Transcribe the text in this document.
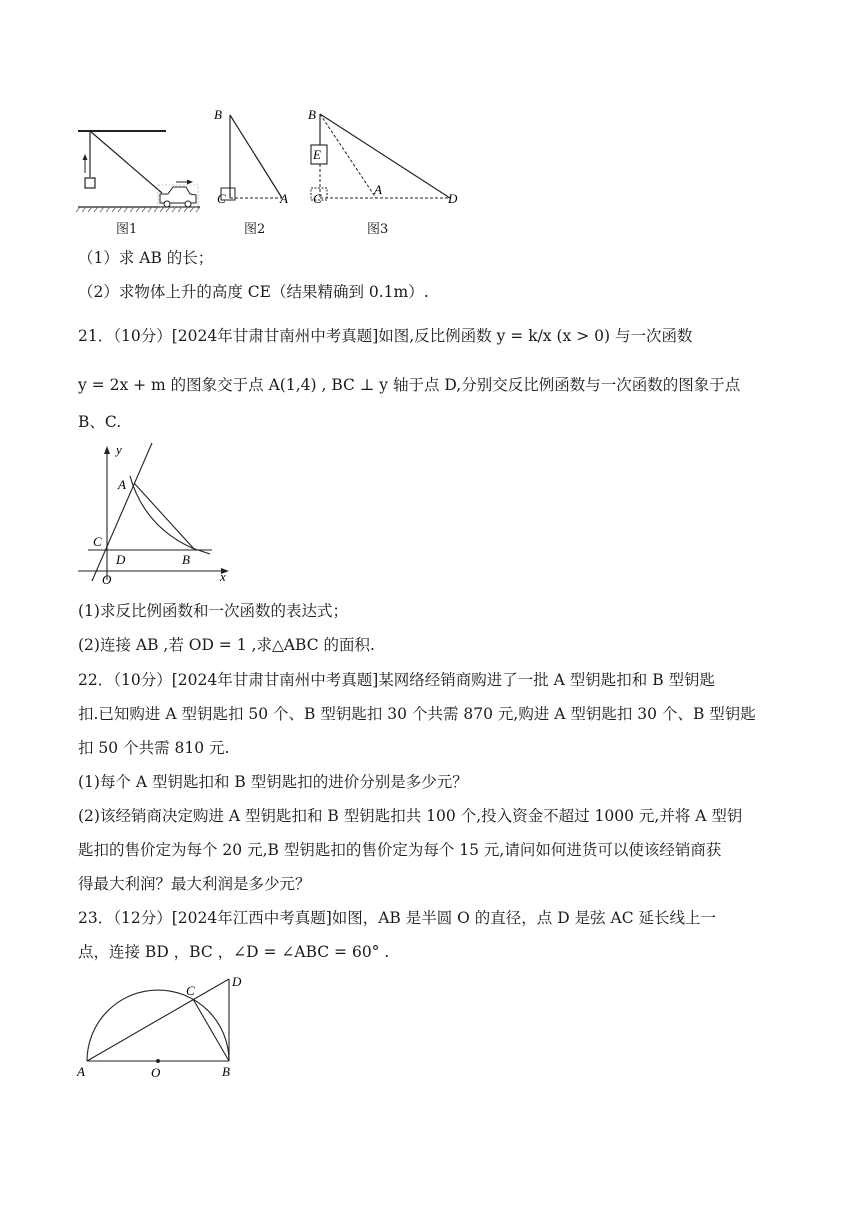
图1
B
C	A
图2
B
E
C
A
D
图3
（1）求 AB 的长；
（2）求物体上升的高度 CE（结果精确到 0.1m）.
21．（10分）[2024年甘肃甘南州中考真题]如图,反比例函数 y = k/x (x > 0) 与一次函数
y = 2x + m 的图象交于点 A(1,4) , BC ⊥ y 轴于点 D,分别交反比例函数与一次函数的图象于点
B、C.
y
x
A
C
D	B
O
(1)求反比例函数和一次函数的表达式；
(2)连接 AB ,若 OD = 1 ,求△ABC 的面积.
22．（10分）[2024年甘肃甘南州中考真题]某网络经销商购进了一批 A 型钥匙扣和 B 型钥匙
扣.已知购进 A 型钥匙扣 50 个、B 型钥匙扣 30 个共需 870 元,购进 A 型钥匙扣 30 个、B 型钥匙
扣 50 个共需 810 元.
(1)每个 A 型钥匙扣和 B 型钥匙扣的进价分别是多少元？
(2)该经销商决定购进 A 型钥匙扣和 B 型钥匙扣共 100 个,投入资金不超过 1000 元,并将 A 型钥
匙扣的售价定为每个 20 元,B 型钥匙扣的售价定为每个 15 元,请问如何进货可以使该经销商获
得最大利润？最大利润是多少元？
23．（12分）[2024年江西中考真题]如图，AB 是半圆 O 的直径，点 D 是弦 AC 延长线上一
点，连接 BD ，BC ，∠D = ∠ABC = 60° .
A	O	B
C
D
